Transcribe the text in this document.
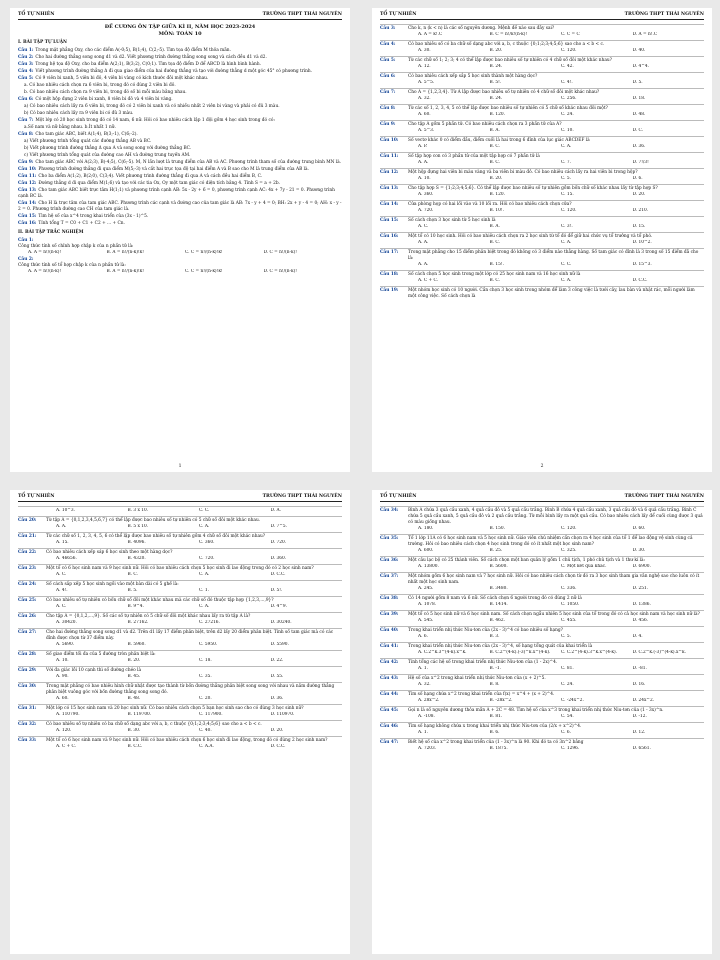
TỔ TỰ NHIÊN	TRƯỜNG THPT THÁI NGUYÊN
ĐỀ CƯƠNG ÔN TẬP GIỮA KÌ II, NĂM HỌC 2023-2024
MÔN: TOÁN 10
I. BÀI TẬP TỰ LUẬN
Câu 1: Trong mặt phẳng Oxy, cho các điểm A(-0;5), B(1;4), C(2;-5). Tìm tọa độ điểm M thỏa mãn.
Câu 2: Cho hai đường thẳng song song d1 và d2. Viết phương trình đường thẳng song song và cách đều d1 và d2.
Câu 3: Trong hệ tọa độ Oxy, cho ba điểm A(2;1), B(3;2), C(0;1). Tìm tọa độ điểm D để ABCD là hình bình hành.
Câu 4: Viết phương trình đường thẳng Δ đi qua giao điểm của hai đường thẳng và tạo với đường thẳng d một góc 45° có phương trình.
Câu 5: Có 9 viên bi xanh, 5 viên bi đỏ, 4 viên bi vàng có kích thước đôi một khác nhau.
a. Có bao nhiêu cách chọn ra 6 viên bi, trong đó có đúng 2 viên bi đỏ.
b. Có bao nhiêu cách chọn ra 9 viên bi, trong đó số bi mỗi màu bằng nhau.
Câu 6: Có một hộp đựng 2 viên bi xanh, 8 viên bi đỏ và 4 viên bi vàng.
a) Có bao nhiêu cách lấy ra 6 viên bi, trong đó có 2 viên bi xanh và có nhiều nhất 2 viên bi vàng và phải có đủ 3 màu.
b) Có bao nhiêu cách lấy ra 9 viên bi có đủ 3 màu.
Câu 7: Một lớp có 20 học sinh trong đó có 14 nam, 6 nữ. Hỏi có bao nhiêu cách lập 1 đội gồm 4 học sinh trong đó có:
a.Số nam và nữ bằng nhau. b.Ít nhất 1 nữ.
Câu 8: Cho tam giác ABC, biết A(1;4), B(3;-1), C(6;-2).
a) Viết phương trình tổng quát các đường thẳng AB và BC.
b) Viết phương trình đường thẳng Δ qua A và song song với đường thẳng BC.
c) Viết phương trình tổng quát của đường cao AH và đường trung tuyến AM.
Câu 9: Cho tam giác ABC với A(2;3), B(-4;5), C(6;-5). M, N lần lượt là trung điểm của AB và AC. Phương trình tham số của đường trung bình MN là.
Câu 10: Phương trình đường thẳng đi qua điểm M(5;-3) và cắt hai trục tọa độ tại hai điểm A và B sao cho M là trung điểm của AB là.
Câu 11: Cho ba điểm A(1;2), B(2;0), C(3;4). Viết phương trình đường thẳng đi qua A và cách đều hai điểm B, C.
Câu 12: Đường thẳng d đi qua điểm M(1;6) và tạo với các tia Ox, Oy một tam giác có diện tích bằng 4. Tính S = a + 2b.
Câu 13: Cho tam giác ABC biết trực tâm H(1;1) và phương trình cạnh AB: 5x - 2y + 6 = 0, phương trình cạnh AC: 4x + 7y - 21 = 0. Phương trình cạnh BC là.
Câu 14: Cho H là trực tâm của tam giác ABC. Phương trình các cạnh và đường cao của tam giác là AB: 7x - y + 4 = 0; BH: 2x + y - 4 = 0; AH: x - y - 2 = 0. Phương trình đường cao CH của tam giác là.
Câu 15: Tìm hệ số của x^4 trong khai triển của (3x - 1)^5.
Câu 16: Tính tổng T = C0 + C1 + C2 + ... + Cn.
II. BÀI TẬP TRẮC NGHIỆM
Câu 1:
Công thức tính số chỉnh hợp chập k của n phần tử là:
A. A = n!/(n-k)!	B. A = n!/(n-k)!k!	C. C = n!/(n-k)!k!	D. C = n!/(n-k)!
Câu 2:
Công thức tính số tổ hợp chập k của n phần tử là:
A. A = n!/(n-k)!	B. A = n!/(n-k)!k!	C. C = n!/(n-k)!k!	D. C = n!/(n-k)!
1
TỔ TỰ NHIÊN	TRƯỜNG THPT THÁI NGUYÊN
Câu 3:	Cho k, n (k < n) là các số nguyên dương. Mệnh đề nào sau đây sai?
A. A = k!.C	B. C = n!/k!(n-k)!	C. C = C	D. A = n!.C
Câu 4:	Có bao nhiêu số có ba chữ số dạng abc với a, b, c thuộc {0;1;2;3;4;5;6} sao cho a < b < c.
A. 30.	B. 20.	C. 120.	D. 40.
Câu 5:	Từ các chữ số 1; 2; 3; 4 có thể lập được bao nhiêu số tự nhiên có 4 chữ số đôi một khác nhau?
A. 12.	B. 24.	C. 42.	D. 4^4.
Câu 6:	Có bao nhiêu cách xếp sắp 5 học sinh thành một hàng dọc?
A. 5^5.	B. 5!.	C. 4!.	D. 5.
Câu 7:	Cho A = {1,2,3,4}. Từ A lập được bao nhiêu số tự nhiên có 4 chữ số đôi một khác nhau?
A. 32.	B. 24.	C. 256.	D. 18.
Câu 8:	Từ các số 1, 2, 3, 4, 5 có thể lập được bao nhiêu số tự nhiên có 5 chữ số khác nhau đôi một?
A. 60.	B. 120.	C. 24.	D. 48.
Câu 9:	Cho tập A gồm 5 phần tử. Có bao nhiêu cách chọn ra 3 phần tử của A?
A. 5^3.	B. A.	C. 10.	D. C.
Câu 10:	Số vectơ khác 0 có điểm đầu, điểm cuối là hai trong 6 đỉnh của lục giác ABCDEF là
A. P.	B. C.	C. A.	D. 36.
Câu 11:	Số tập hợp con có 3 phần tử của một tập hợp có 7 phần tử là
A. A.	B. C.	C. 7.	D. 7!/3!
Câu 12:	Một hộp đựng hai viên bi màu vàng và ba viên bi màu đỏ. Có bao nhiêu cách lấy ra hai viên bi trong hộp?
A. 10.	B. 20.	C. 5.	D. 6.
Câu 13:	Cho tập hợp S = {1;2;3;4;5;6}. Có thể lập được bao nhiêu số tự nhiên gồm bốn chữ số khác nhau lấy từ tập hợp S?
A. 360.	B. 120.	C. 15.	D. 20.
Câu 14:	Cửa phòng họp có hai lối vào và 10 lối ra. Hỏi có bao nhiêu cách chọn cửa?
A. 720.	B. 10!.	C. 120.	D. 210.
Câu 15:	Số cách chọn 3 học sinh từ 5 học sinh là
A. C.	B. A.	C. 3!.	D. 15.
Câu 16:	Một tổ có 10 học sinh. Hỏi có bao nhiêu cách chọn ra 2 học sinh từ tổ đó để giữ hai chức vụ tổ trưởng và tổ phó.
A. A.	B. C.	C. A.	D. 10^2.
Câu 17:	Trong mặt phẳng cho 15 điểm phân biệt trong đó không có 3 điểm nào thẳng hàng. Số tam giác có đỉnh là 3 trong số 15 điểm đã cho là:
A. A.	B. 15!.	C. C.	D. 15^3.
Câu 18:	Số cách chọn 5 học sinh trong một lớp có 25 học sinh nam và 16 học sinh nữ là
A. C + C.	B. C.	C. A.	D. C.C.
Câu 19:	Một nhóm học sinh có 10 người. Cần chọn 3 học sinh trong nhóm để làm 3 công việc là tưới cây, lau bàn và nhặt rác, mỗi người làm một công việc. Số cách chọn là
2
TỔ TỰ NHIÊN	TRƯỜNG THPT THÁI NGUYÊN
A. 10^3.	B. 3 x 10.	C. C.	D. A.
Câu 20:	Từ tập A = {0,1,2,3,4,5,6,7} có thể lập được bao nhiêu số tự nhiên có 5 chữ số đôi một khác nhau.
A. A.	B. 5 x 10.	C. A.	D. 7^5.
Câu 21:	Từ các chữ số 1, 2, 3, 4, 5, 6 có thể lập được bao nhiêu số tự nhiên gồm 4 chữ số đôi một khác nhau?
A. 15.	B. 4096.	C. 360.	D. 720.
Câu 22:	Có bao nhiêu cách xếp sáp 6 học sinh theo một hàng dọc?
A. 46656.	B. 4320.	C. 720.	D. 360.
Câu 23:	Một tổ có 6 học sinh nam và 9 học sinh nữ. Hỏi có bao nhiêu cách chọn 5 học sinh đi lao động trong đó có 2 học sinh nam?
A. C.	B. C.	C. A.	D. C.C.
Câu 24:	Số cách sắp xếp 5 học sinh ngồi vào một bàn dài có 5 ghế là:
A. 4!.	B. 5.	C. 1.	D. 5!.
Câu 25:	Có bao nhiêu số tự nhiên có bốn chữ số đôi một khác nhau mà các chữ số đó thuộc tập hợp {1,2,3,...,9}?
A. C.	B. 9^4.	C. A.	D. 4^9.
Câu 26:	Cho tập A = {0,1,2,...,9}. Số các số tự nhiên có 5 chữ số đôi một khác nhau lấy ra từ tập A là?
A. 30420.	B. 27162.	C. 27216.	D. 30240.
Câu 27:	Cho hai đường thẳng song song d1 và d2. Trên d1 lấy 17 điểm phân biệt, trên d2 lấy 20 điểm phân biệt. Tính số tam giác mà có các đỉnh được chọn từ 37 điểm này.
A. 5690.	B. 5960.	C. 5950.	D. 5590.
Câu 28:	Số giao điểm tối đa của 5 đường tròn phân biệt là:
A. 10.	B. 20.	C. 18.	D. 22.
Câu 29:	Với đa giác lồi 10 cạnh thì số đường chéo là
A. 90.	B. 45.	C. 35.	D. 55.
Câu 30:	Trong mặt phẳng có bao nhiêu hình chữ nhật được tạo thành từ bốn đường thẳng phân biệt song song với nhau và năm đường thẳng phân biệt vuông góc với bốn đường thẳng song song đó.
A. 60.	B. 48.	C. 20.	D. 36.
Câu 31:	Một lớp có 15 học sinh nam và 20 học sinh nữ. Có bao nhiêu cách chọn 5 bạn học sinh sao cho có đúng 3 học sinh nữ?
A. 110790.	B. 119700.	C. 117900.	D. 110970.
Câu 32:	Có bao nhiêu số tự nhiên có ba chữ số dạng abc với a, b, c thuộc {0;1;2;3;4;5;6} sao cho a < b < c.
A. 120.	B. 30.	C. 40.	D. 20.
Câu 33:	Một tổ có 6 học sinh nam và 9 học sinh nữ. Hỏi có bao nhiêu cách chọn 6 học sinh đi lao động, trong đó có đúng 2 học sinh nam?
A. C + C.	B. C.C.	C. A.A.	D. C.C.
TỔ TỰ NHIÊN	TRƯỜNG THPT THÁI NGUYÊN
Câu 34:	Bình A chứa 3 quả cầu xanh, 4 quả cầu đỏ và 5 quả cầu trắng. Bình B chứa 4 quả cầu xanh, 3 quả cầu đỏ và 6 quả cầu trắng. Bình C chứa 5 quả cầu xanh, 5 quả cầu đỏ và 2 quả cầu trắng. Từ mỗi bình lấy ra một quả cầu. Có bao nhiêu cách lấy để cuối cùng được 3 quả có màu giống nhau.
A. 180.	B. 150.	C. 120.	D. 60.
Câu 35:	Tổ 1 lớp 11A có 6 học sinh nam và 5 học sinh nữ. Giáo viên chủ nhiệm cần chọn ra 4 học sinh của tổ 1 để lao động vệ sinh cùng cả trường. Hỏi có bao nhiêu cách chọn 4 học sinh trong đó có ít nhất một học sinh nam?
A. 600.	B. 25.	C. 325.	D. 30.
Câu 36:	Một câu lạc bộ có 25 thành viên. Số cách chọn một ban quản lý gồm 1 chủ tịch, 1 phó chủ tịch và 1 thư kí là:
A. 13800.	B. 5600.	C. Một kết quả khác.	D. 6900.
Câu 37:	Một nhóm gồm 6 học sinh nam và 7 học sinh nữ. Hỏi có bao nhiêu cách chọn từ đó ra 3 học sinh tham gia văn nghệ sao cho luôn có ít nhất một học sinh nam.
A. 245.	B. 3480.	C. 336.	D. 251.
Câu 38:	Có 14 người gồm 8 nam và 6 nữ. Số cách chọn 6 người trong đó có đúng 2 nữ là
A. 1078.	B. 1414.	C. 1050.	D. 1386.
Câu 39:	Một tổ có 5 học sinh nữ và 6 học sinh nam. Số cách chọn ngẫu nhiên 5 học sinh của tổ trong đó có cả học sinh nam và học sinh nữ là?
A. 545.	B. 462.	C. 455.	D. 456.
Câu 40:	Trong khai triển nhị thức Niu-tơn của (2x - 3)^4 có bao nhiêu số hạng?
A. 6.	B. 3.	C. 5.	D. 4.
Câu 41:	Trong khai triển nhị thức Niu-tơn của (2x - 3)^4, số hạng tổng quát của khai triển là
A. C.2^k.3^(4-k).x^k.	B. C.2^(4-k).(-3)^k.x^(4-k).	C. C.2^(4-k).3^k.x^(4-k).	D. C.2^k.(-3)^(4-k).x^k.
Câu 42:	Tính tổng các hệ số trong khai triển nhị thức Niu-tơn của (1 - 2x)^4.
A. 1.	B. -1.	C. 81.	D. -81.
Câu 43:	Hệ số của x^2 trong khai triển nhị thức Niu-tơn của (x + 2)^5.
A. 32.	B. 8.	C. 24.	D. 16.
Câu 44:	Tìm số hạng chứa x^2 trong khai triển của f(x) = x^4 + (x + 2)^4.
A. 28x^2.	B. -28x^2.	C. -24x^2.	D. 24x^2.
Câu 45:	Gọi n là số nguyên dương thỏa mãn A + 2C = 48. Tìm hệ số của x^3 trong khai triển nhị thức Niu-tơn của (1 - 3x)^n.
A. -108.	B. 81.	C. 54.	D. -12.
Câu 46:	Tìm số hạng không chứa x trong khai triển nhị thức Niu-tơn của (2/x + x^2)^4.
A. 1.	B. 6.	C. 6.	D. 12.
Câu 47:	Biết hệ số của x^2 trong khai triển của (1 - 3x)^n là 90. Khi đó ta có 3n^2 bằng
A. 7203.	B. 1875.	C. 1296.	D. 6561.
